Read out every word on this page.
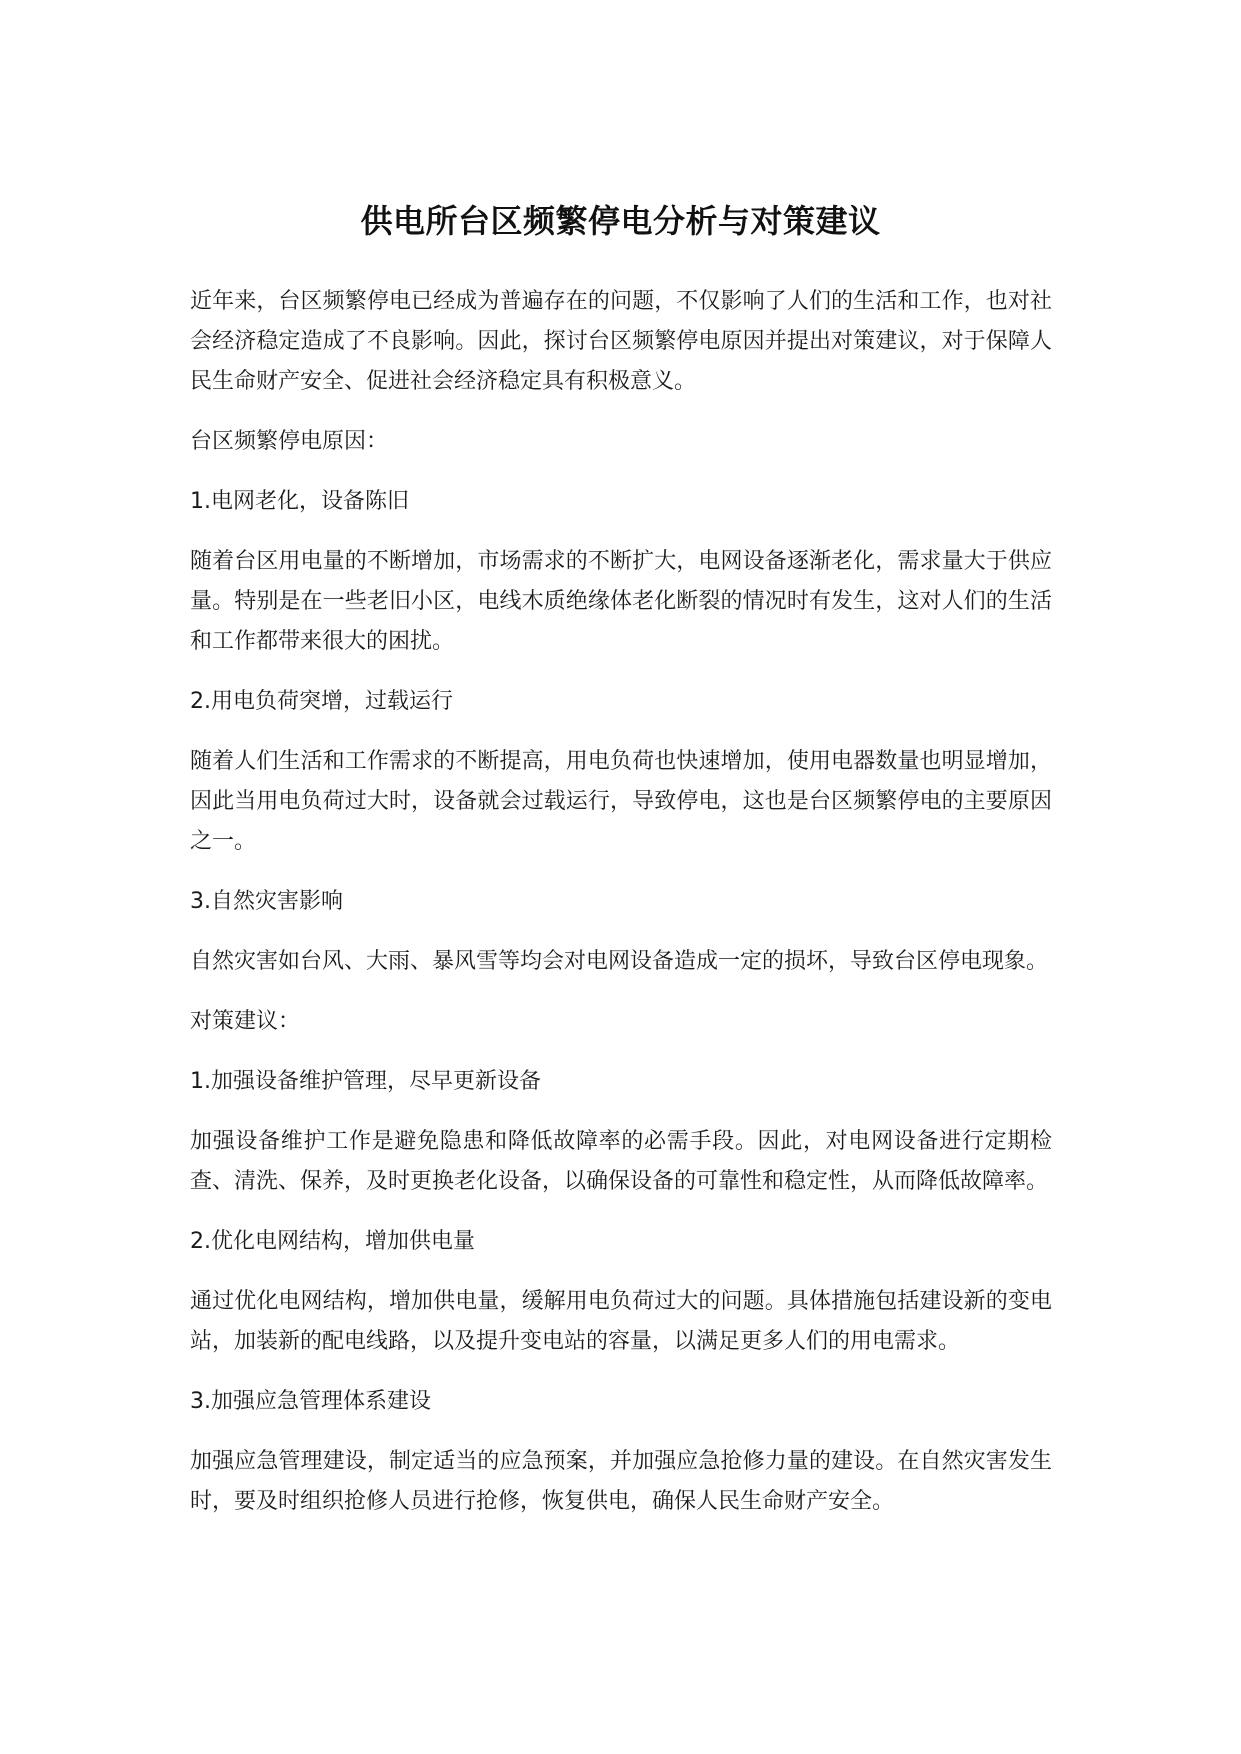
供电所台区频繁停电分析与对策建议

近年来，台区频繁停电已经成为普遍存在的问题，不仅影响了人们的生活和工作，也对社会经济稳定造成了不良影响。因此，探讨台区频繁停电原因并提出对策建议，对于保障人民生命财产安全、促进社会经济稳定具有积极意义。

台区频繁停电原因：

1.电网老化，设备陈旧

随着台区用电量的不断增加，市场需求的不断扩大，电网设备逐渐老化，需求量大于供应量。特别是在一些老旧小区，电线木质绝缘体老化断裂的情况时有发生，这对人们的生活和工作都带来很大的困扰。

2.用电负荷突增，过载运行

随着人们生活和工作需求的不断提高，用电负荷也快速增加，使用电器数量也明显增加，因此当用电负荷过大时，设备就会过载运行，导致停电，这也是台区频繁停电的主要原因之一。

3.自然灾害影响

自然灾害如台风、大雨、暴风雪等均会对电网设备造成一定的损坏，导致台区停电现象。

对策建议：

1.加强设备维护管理，尽早更新设备

加强设备维护工作是避免隐患和降低故障率的必需手段。因此，对电网设备进行定期检查、清洗、保养，及时更换老化设备，以确保设备的可靠性和稳定性，从而降低故障率。

2.优化电网结构，增加供电量

通过优化电网结构，增加供电量，缓解用电负荷过大的问题。具体措施包括建设新的变电站，加装新的配电线路，以及提升变电站的容量，以满足更多人们的用电需求。

3.加强应急管理体系建设

加强应急管理建设，制定适当的应急预案，并加强应急抢修力量的建设。在自然灾害发生时，要及时组织抢修人员进行抢修，恢复供电，确保人民生命财产安全。
